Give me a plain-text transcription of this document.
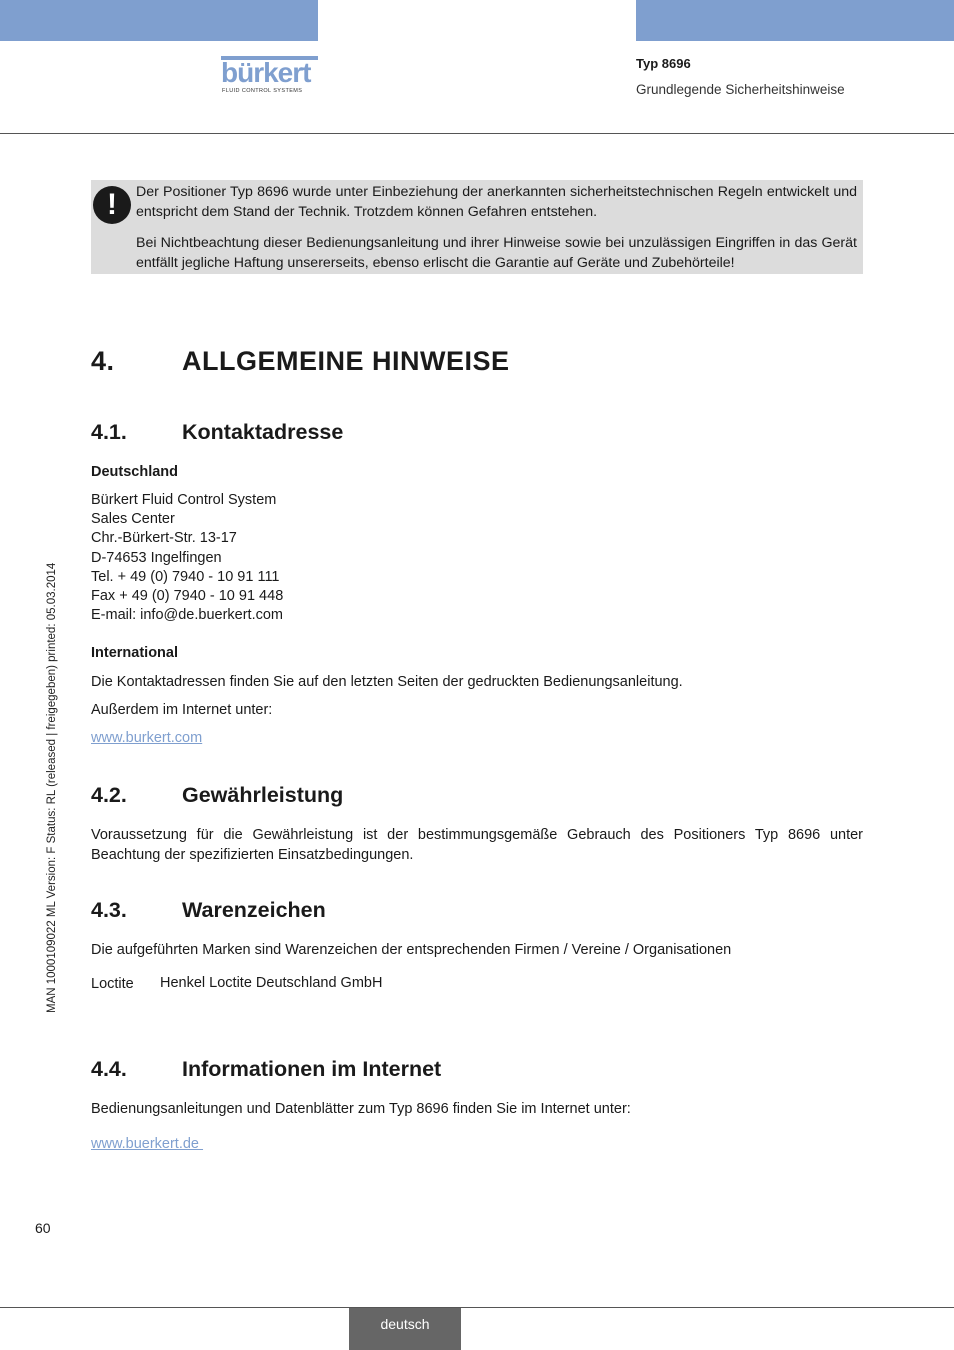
bürkert
FLUID CONTROL SYSTEMS
Typ 8696
Grundlegende Sicherheitshinweise
!	Der Positioner Typ 8696 wurde unter Einbeziehung der anerkannten sicherheitstechnischen Regeln entwickelt und entspricht dem Stand der Technik. Trotzdem können Gefahren entstehen.

Bei Nichtbeachtung dieser Bedienungsanleitung und ihrer Hinweise sowie bei unzulässigen Eingriffen in das Gerät entfällt jegliche Haftung unsererseits, ebenso erlischt die Garantie auf Geräte und Zubehörteile!

4. ALLGEMEINE HINWEISE
4.1.	Kontaktadresse
Deutschland
Bürkert Fluid Control System
Sales Center
Chr.-Bürkert-Str. 13-17
D-74653 Ingelfingen
Tel. + 49 (0) 7940 - 10 91 111
Fax + 49 (0) 7940 - 10 91 448
E-mail: info@de.buerkert.com
International
Die Kontaktadressen finden Sie auf den letzten Seiten der gedruckten Bedienungsanleitung.
Außerdem im Internet unter:
www.burkert.com
4.2.	Gewährleistung
Voraussetzung für die Gewährleistung ist der bestimmungsgemäße Gebrauch des Positioners Typ 8696 unter Beachtung der spezifizierten Einsatzbedingungen.
4.3.	Warenzeichen
Die aufgeführten Marken sind Warenzeichen der entsprechenden Firmen / Vereine / Organisationen
Loctite Henkel Loctite Deutschland GmbH
4.4.	Informationen im Internet
Bedienungsanleitungen und Datenblätter zum Typ 8696 finden Sie im Internet unter:
www.buerkert.de
MAN 1000109022 ML Version: F Status: RL (released | freigegeben) printed: 05.03.2014
60
deutsch
